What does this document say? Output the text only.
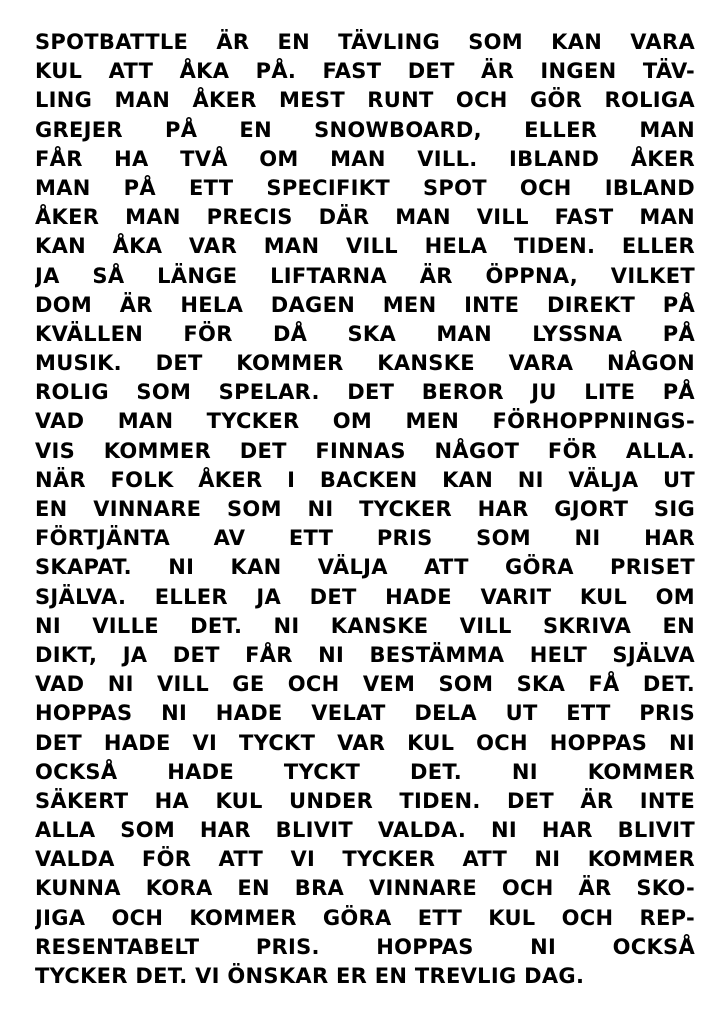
SPOTBATTLE ÄR EN TÄVLING SOM KAN VARA
KUL ATT ÅKA PÅ. FAST DET ÄR INGEN TÄV-
LING MAN ÅKER MEST RUNT OCH GÖR ROLIGA
GREJER PÅ EN SNOWBOARD, ELLER MAN
FÅR HA TVÅ OM MAN VILL. IBLAND ÅKER
MAN PÅ ETT SPECIFIKT SPOT OCH IBLAND
ÅKER MAN PRECIS DÄR MAN VILL FAST MAN
KAN ÅKA VAR MAN VILL HELA TIDEN. ELLER
JA SÅ LÄNGE LIFTARNA ÄR ÖPPNA, VILKET
DOM ÄR HELA DAGEN MEN INTE DIREKT PÅ
KVÄLLEN FÖR DÅ SKA MAN LYSSNA PÅ
MUSIK. DET KOMMER KANSKE VARA NÅGON
ROLIG SOM SPELAR. DET BEROR JU LITE PÅ
VAD MAN TYCKER OM MEN FÖRHOPPNINGS-
VIS KOMMER DET FINNAS NÅGOT FÖR ALLA.
NÄR FOLK ÅKER I BACKEN KAN NI VÄLJA UT
EN VINNARE SOM NI TYCKER HAR GJORT SIG
FÖRTJÄNTA AV ETT PRIS SOM NI HAR
SKAPAT. NI KAN VÄLJA ATT GÖRA PRISET
SJÄLVA. ELLER JA DET HADE VARIT KUL OM
NI VILLE DET. NI KANSKE VILL SKRIVA EN
DIKT, JA DET FÅR NI BESTÄMMA HELT SJÄLVA
VAD NI VILL GE OCH VEM SOM SKA FÅ DET.
HOPPAS NI HADE VELAT DELA UT ETT PRIS
DET HADE VI TYCKT VAR KUL OCH HOPPAS NI
OCKSÅ HADE TYCKT DET. NI KOMMER
SÄKERT HA KUL UNDER TIDEN. DET ÄR INTE
ALLA SOM HAR BLIVIT VALDA. NI HAR BLIVIT
VALDA FÖR ATT VI TYCKER ATT NI KOMMER
KUNNA KORA EN BRA VINNARE OCH ÄR SKO-
JIGA OCH KOMMER GÖRA ETT KUL OCH REP-
RESENTABELT PRIS. HOPPAS NI OCKSÅ
TYCKER DET. VI ÖNSKAR ER EN TREVLIG DAG.
